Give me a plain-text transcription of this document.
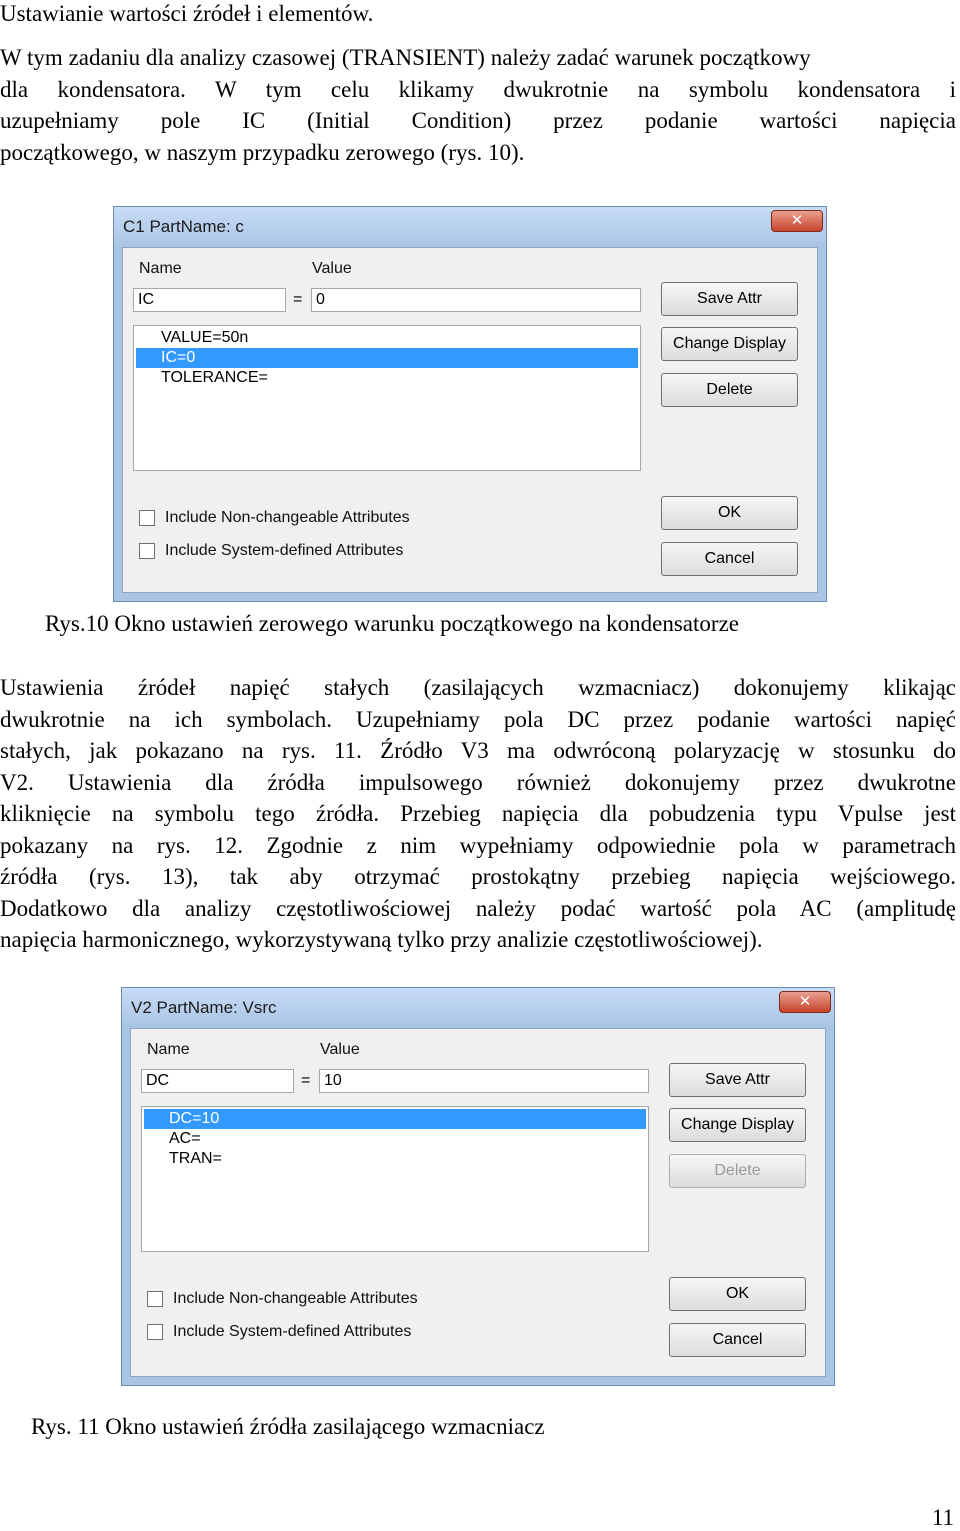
Ustawianie wartości źródeł i elementów.
W tym zadaniu dla analizy czasowej (TRANSIENT) należy zadać warunek początkowy
dla kondensatora. W tym celu klikamy dwukrotnie na symbolu kondensatora i
uzupełniamy pole IC (Initial Condition) przez podanie wartości napięcia
początkowego, w naszym przypadku zerowego (rys. 10).
C1 PartName: c	✕
Name	Value
IC	= 0
VALUE=50n
IC=0
TOLERANCE=
Save Attr
Change Display
Delete
OK
Cancel
Include Non-changeable Attributes
Include System-defined Attributes
Rys.10 Okno ustawień zerowego warunku początkowego na kondensatorze
Ustawienia źródeł napięć stałych (zasilających wzmacniacz) dokonujemy klikając
dwukrotnie na ich symbolach. Uzupełniamy pola DC przez podanie wartości napięć
stałych, jak pokazano na rys. 11. Źródło V3 ma odwróconą polaryzację w stosunku do
V2. Ustawienia dla źródła impulsowego również dokonujemy przez dwukrotne
kliknięcie na symbolu tego źródła. Przebieg napięcia dla pobudzenia typu Vpulse jest
pokazany na rys. 12. Zgodnie z nim wypełniamy odpowiednie pola w parametrach
źródła (rys. 13), tak aby otrzymać prostokątny przebieg napięcia wejściowego.
Dodatkowo dla analizy częstotliwościowej należy podać wartość pola AC (amplitudę
napięcia harmonicznego, wykorzystywaną tylko przy analizie częstotliwościowej).
V2 PartName: Vsrc	✕
Name	Value
DC	= 10
DC=10
AC=
TRAN=
Save Attr
Change Display
Delete
OK
Cancel
Include Non-changeable Attributes
Include System-defined Attributes
Rys. 11 Okno ustawień źródła zasilającego wzmacniacz
11
